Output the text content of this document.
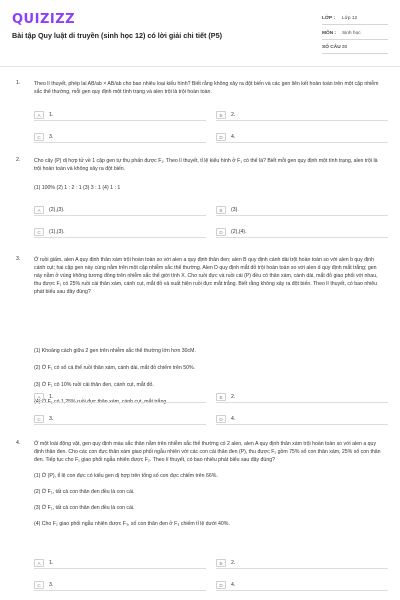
QUIZIZZ
Bài tập Quy luật di truyền (sinh học 12) có lời giải chi tiết (P5)
LỚP : Lớp 12
MÔN : Sinh học
SỐ CÂU :
30
1.	Theo lí thuyết, phép lai AB/ab × AB/ab cho bao nhiêu loại kiểu hình? Biết rằng không xảy ra đột biến và các gen liên kết hoàn toàn trên một cặp nhiễm sắc thể thường, mỗi gen quy định một tính trạng và alen trội là trội hoàn toàn.
A	1.	B	2.
C	3.	D	4.
2.	Cho cây (P) dị hợp tử về 1 cặp gen tự thụ phấn được F₁. Theo lí thuyết, tỉ lệ kiểu hình ở F₁ có thể là? Biết mỗi gen quy định một tính trạng, alen trội là trội hoàn toàn và không xảy ra đột biến.
(1) 100% (2) 1 : 2 : 1 (3) 3 : 1 (4) 1 : 1
A	(2),(3).	B	(3).
C	(1),(3).	D	(2),(4).
3.	Ở ruồi giấm, alen A quy định thân xám trội hoàn toàn so với alen a quy định thân đen; alen B quy định cánh dài trội hoàn toàn so với alen b quy định cánh cụt; hai cặp gen này cùng nằm trên một cặp nhiễm sắc thể thường. Alen D quy định mắt đỏ trội hoàn toàn so với alen d quy định mắt trắng; gen này nằm ở vùng không tương đồng trên nhiễm sắc thể giới tính X. Cho ruồi đực và ruồi cái (P) đều có thân xám, cánh dài, mắt đỏ giao phối với nhau, thu được F₁ có 25% ruồi cái thân xám, cánh cụt, mắt đỏ và xuất hiện ruồi đực mắt trắng. Biết rằng không xảy ra đột biến. Theo lí thuyết, có bao nhiêu phát biểu sau đây đúng?
(1) Khoảng cách giữa 2 gen trên nhiễm sắc thể thường lớn hơn 30cM.
(2) Ở F₁ có số cá thể ruồi thân xám, cánh dài, mắt đỏ chiếm trên 50%.
(3) Ở F₁ có 10% ruồi cái thân đen, cánh cụt, mắt đỏ.
(4) Ở F₁ có 1,25% ruồi đực thân xám, cánh cụt, mắt trắng.
A	1.	B	2.
C	3.	D	4.
4.	Ở một loài động vật, gen quy định màu sắc thân nằm trên nhiễm sắc thể thường có 2 alen, alen A quy định thân xám trội hoàn toàn so với alen a quy định thân đen. Cho các con đực thân xám giao phối ngẫu nhiên với các con cái thân đen (P), thu được F₁ gồm 75% số con thân xám, 25% số con thân đen. Tiếp tục cho F₁ giao phối ngẫu nhiên được F₂. Theo lí thuyết, có bao nhiêu phát biểu sau đây đúng?
(1) Ở (P), tỉ lệ con đực có kiểu gen dị hợp trên tổng số con đực chiếm trên 66%.
(2) Ở F₁, tất cả con thân đen đều là con cái.
(3) Ở F₁, tất cả con thân đen đều là con cái.
(4) Cho F₂ giao phối ngẫu nhiên được F₃, số con thân đen ở F₃ chiếm tỉ lệ dưới 40%.
A	1.	B	2.
C	3.	D	4.
